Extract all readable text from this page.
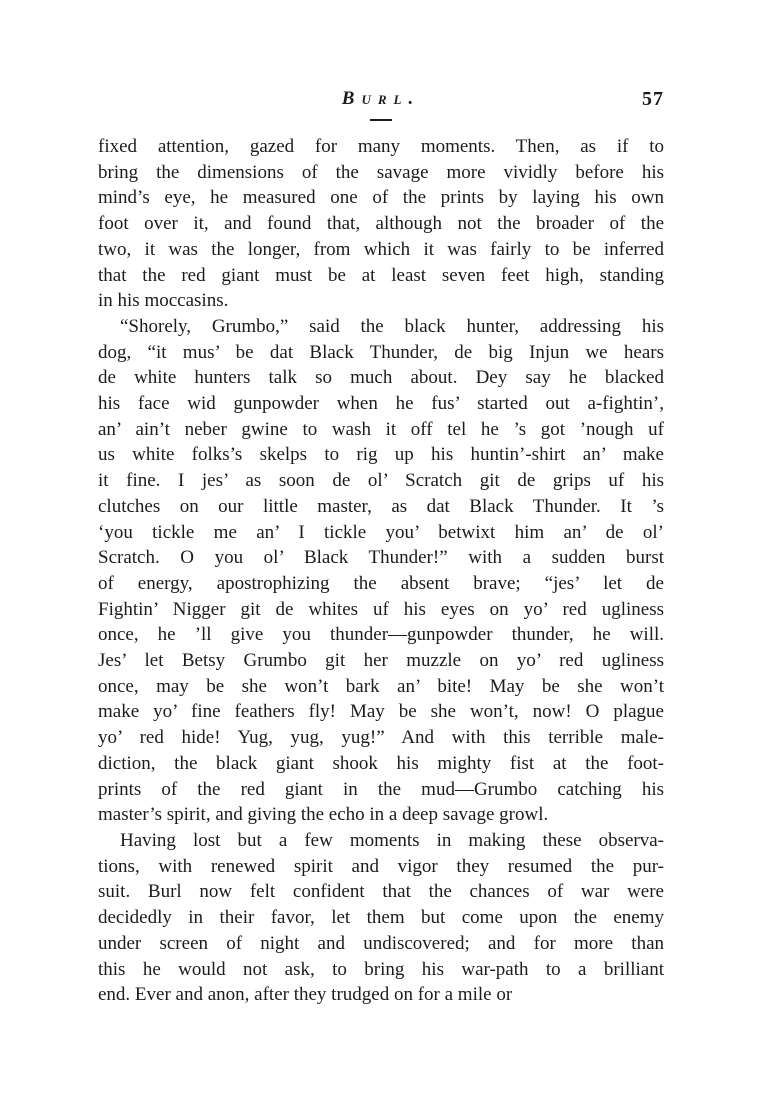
Burl.	57
fixed attention, gazed for many moments. Then, as if to
bring the dimensions of the savage more vividly before his
mind’s eye, he measured one of the prints by laying his own
foot over it, and found that, although not the broader of the
two, it was the longer, from which it was fairly to be inferred
that the red giant must be at least seven feet high, standing
in his moccasins.
“Shorely, Grumbo,” said the black hunter, addressing his
dog, “it mus’ be dat Black Thunder, de big Injun we hears
de white hunters talk so much about. Dey say he blacked
his face wid gunpowder when he fus’ started out a-fightin’,
an’ ain’t neber gwine to wash it off tel he ’s got ’nough uf
us white folks’s skelps to rig up his huntin’-shirt an’ make
it fine. I jes’ as soon de ol’ Scratch git de grips uf his
clutches on our little master, as dat Black Thunder. It ’s
‘you tickle me an’ I tickle you’ betwixt him an’ de ol’
Scratch. O you ol’ Black Thunder!” with a sudden burst
of energy, apostrophizing the absent brave; “jes’ let de
Fightin’ Nigger git de whites uf his eyes on yo’ red ugliness
once, he ’ll give you thunder—gunpowder thunder, he will.
Jes’ let Betsy Grumbo git her muzzle on yo’ red ugliness
once, may be she won’t bark an’ bite! May be she won’t
make yo’ fine feathers fly! May be she won’t, now! O plague
yo’ red hide! Yug, yug, yug!” And with this terrible male-
diction, the black giant shook his mighty fist at the foot-
prints of the red giant in the mud—Grumbo catching his
master’s spirit, and giving the echo in a deep savage growl.
Having lost but a few moments in making these observa-
tions, with renewed spirit and vigor they resumed the pur-
suit. Burl now felt confident that the chances of war were
decidedly in their favor, let them but come upon the enemy
under screen of night and undiscovered; and for more than
this he would not ask, to bring his war-path to a brilliant
end. Ever and anon, after they trudged on for a mile or
